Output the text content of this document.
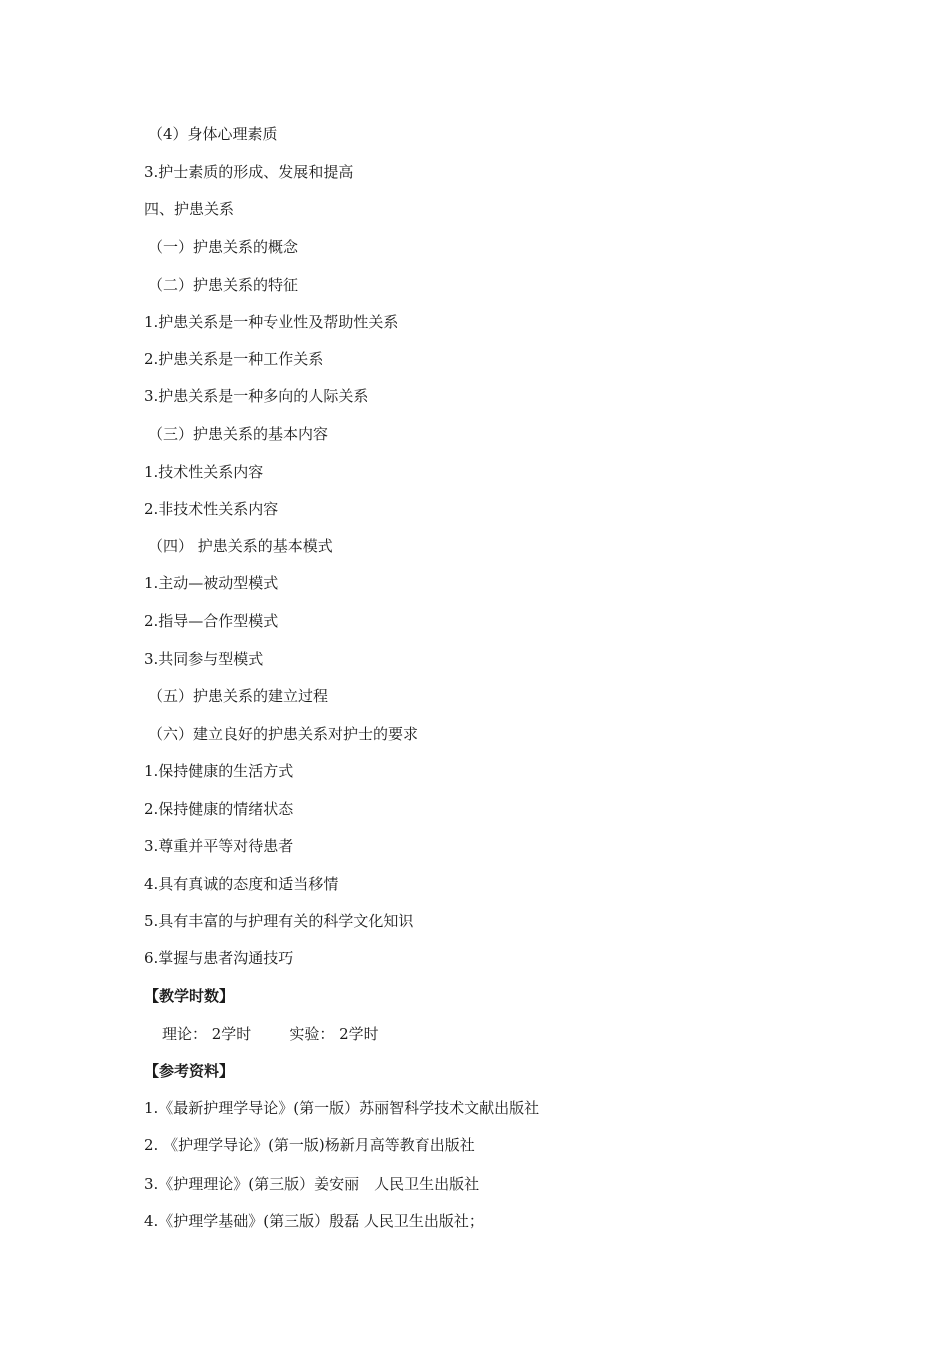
（4）身体心理素质
3.护士素质的形成、发展和提高
四、护患关系
（一）护患关系的概念
（二）护患关系的特征
1.护患关系是一种专业性及帮助性关系
2.护患关系是一种工作关系
3.护患关系是一种多向的人际关系
（三）护患关系的基本内容
1.技术性关系内容
2.非技术性关系内容
（四） 护患关系的基本模式
1.主动—被动型模式
2.指导—合作型模式
3.共同参与型模式
（五）护患关系的建立过程
（六）建立良好的护患关系对护士的要求
1.保持健康的生活方式
2.保持健康的情绪状态
3.尊重并平等对待患者
4.具有真诚的态度和适当移情
5.具有丰富的与护理有关的科学文化知识
6.掌握与患者沟通技巧
【教学时数】
理论： 2学时	实验： 2学时
【参考资料】
1.《最新护理学导论》(第一版）苏丽智科学技术文献出版社
2. 《护理学导论》(第一版)杨新月高等教育出版社
3.《护理理论》(第三版）姜安丽　人民卫生出版社
4.《护理学基础》(第三版）殷磊 人民卫生出版社；
